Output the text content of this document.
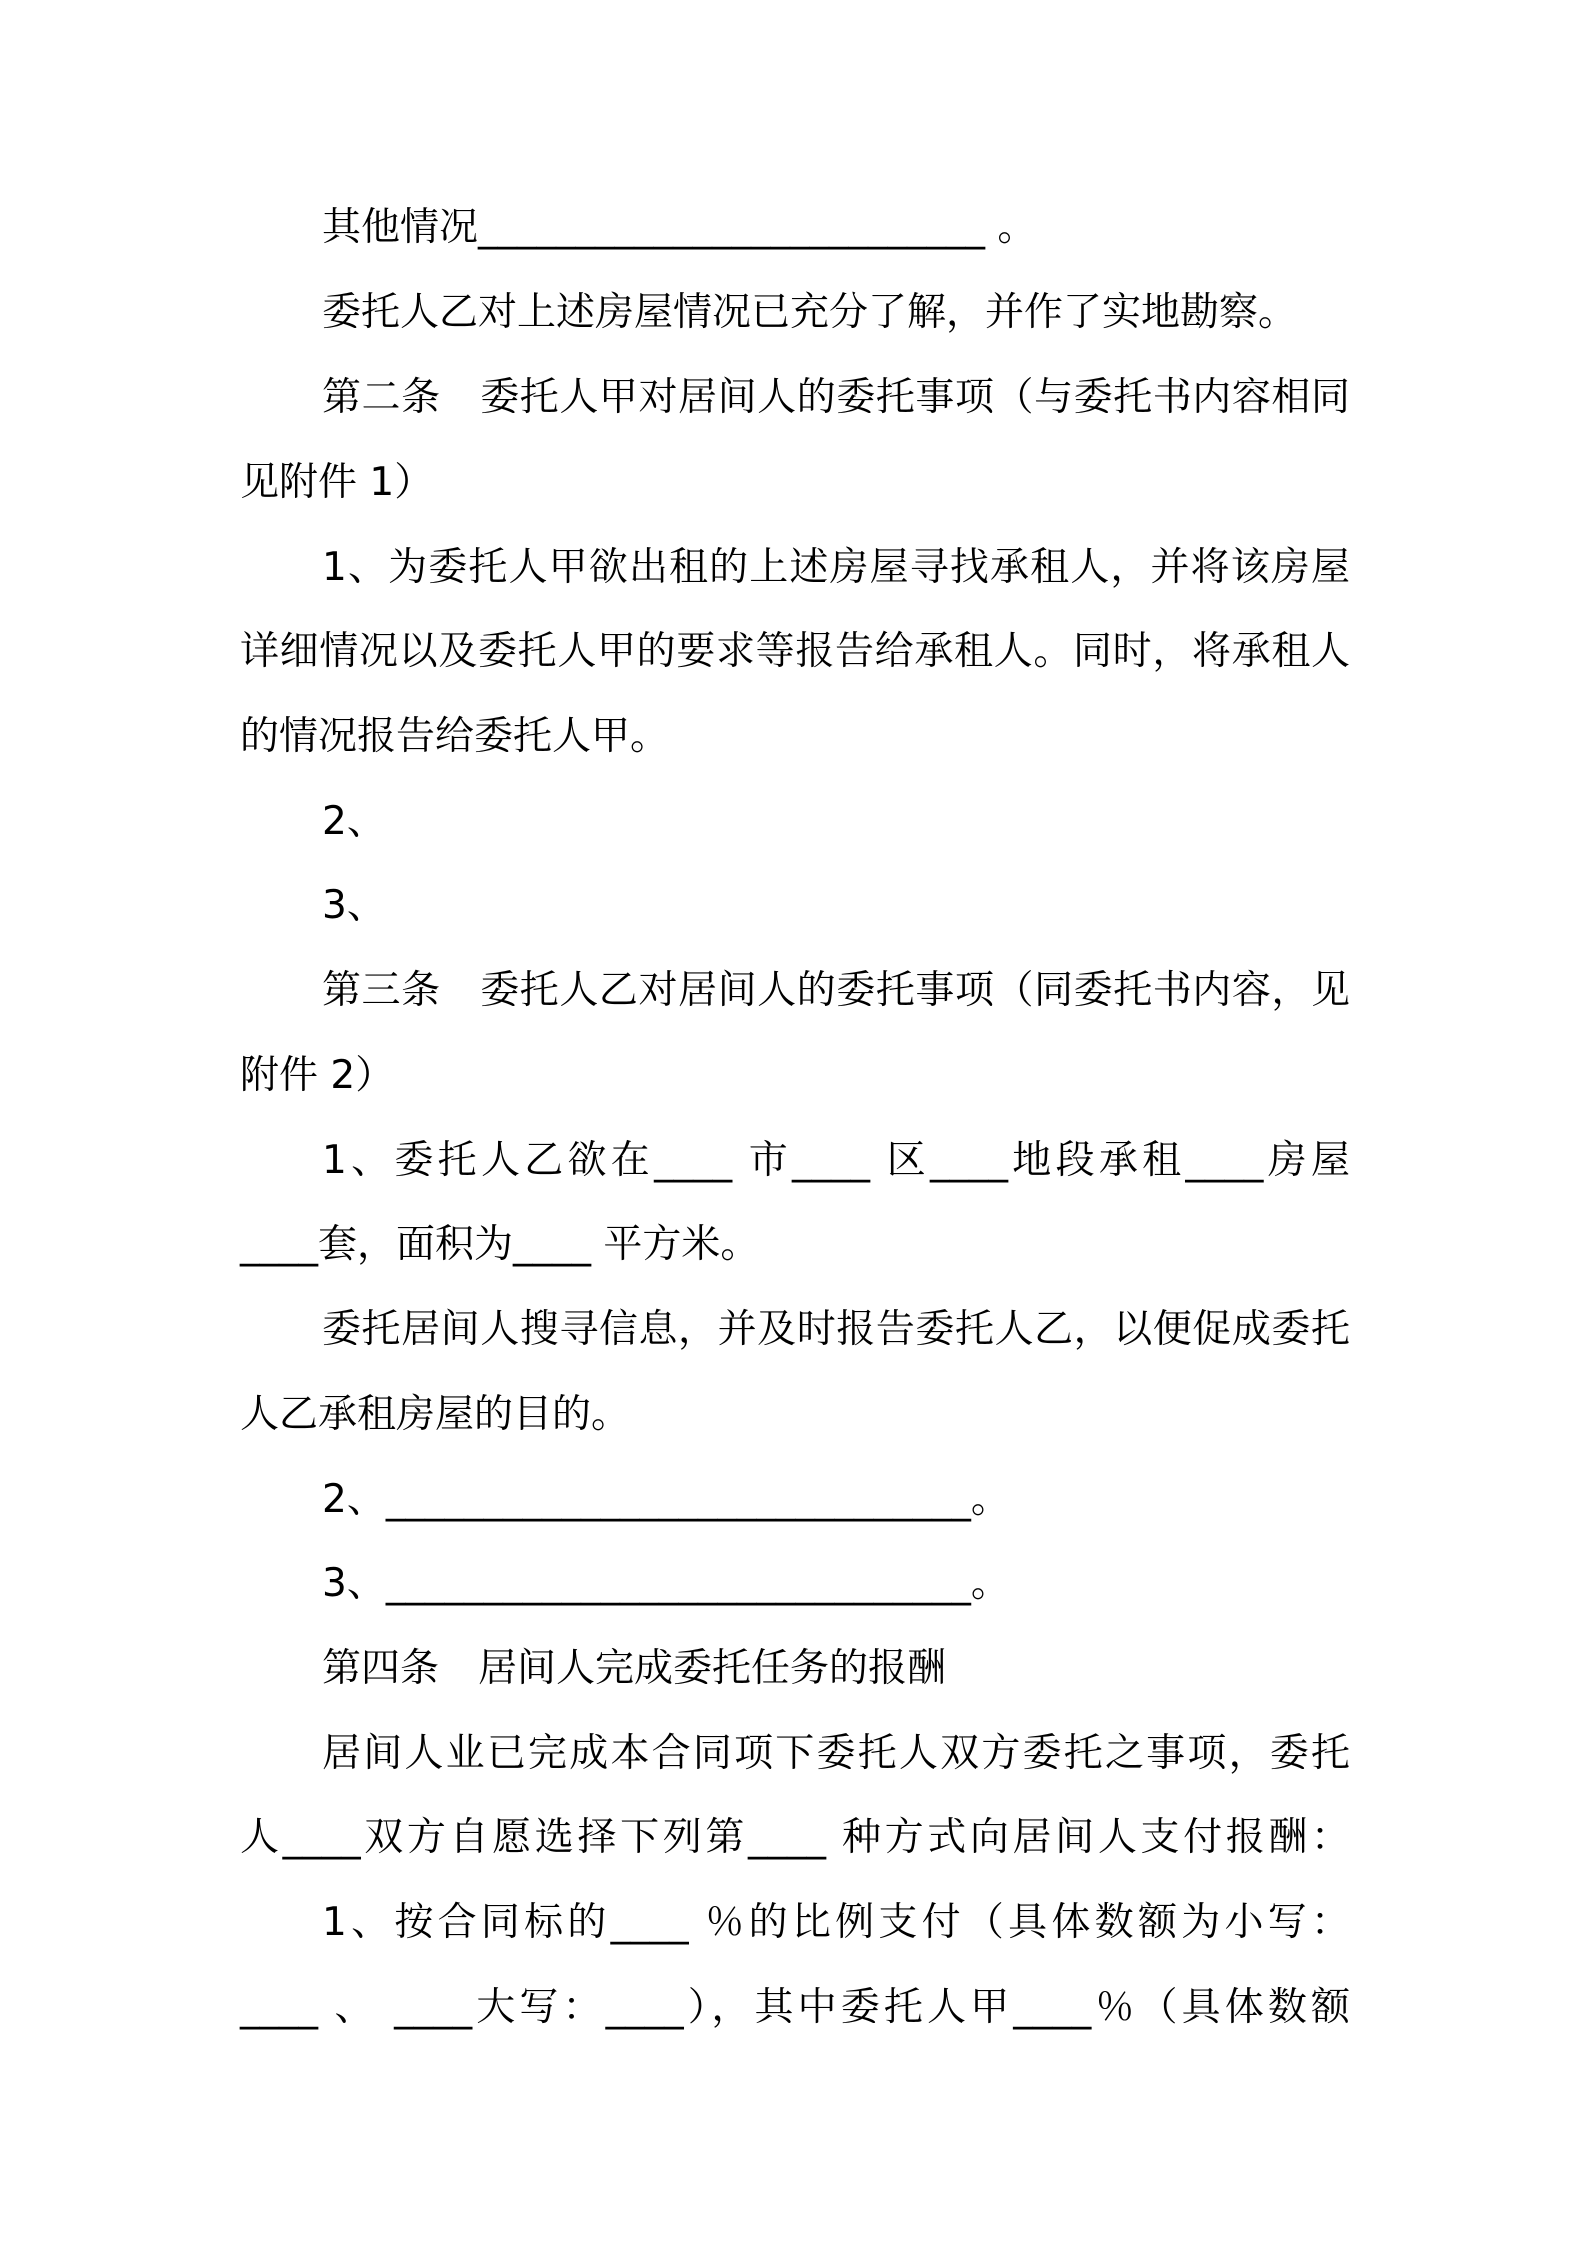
其他情况__________________________ 。
委托人乙对上述房屋情况已充分了解，并作了实地勘察。
第二条　委托人甲对居间人的委托事项（与委托书内容相同
见附件 1）
1、为委托人甲欲出租的上述房屋寻找承租人，并将该房屋
详细情况以及委托人甲的要求等报告给承租人。同时，将承租人
的情况报告给委托人甲。
2、
3、
第三条　委托人乙对居间人的委托事项（同委托书内容，见
附件 2）
1、委托人乙欲在____ 市____ 区____地段承租____房屋
____套，面积为____ 平方米。
委托居间人搜寻信息，并及时报告委托人乙，以便促成委托
人乙承租房屋的目的。
2、______________________________。
3、______________________________。
第四条　居间人完成委托任务的报酬
居间人业已完成本合同项下委托人双方委托之事项，委托
人____双方自愿选择下列第____ 种方式向居间人支付报酬：
1、按合同标的____ ％的比例支付（具体数额为小写：
____ 、 ____大写：____），其中委托人甲____％（具体数额
